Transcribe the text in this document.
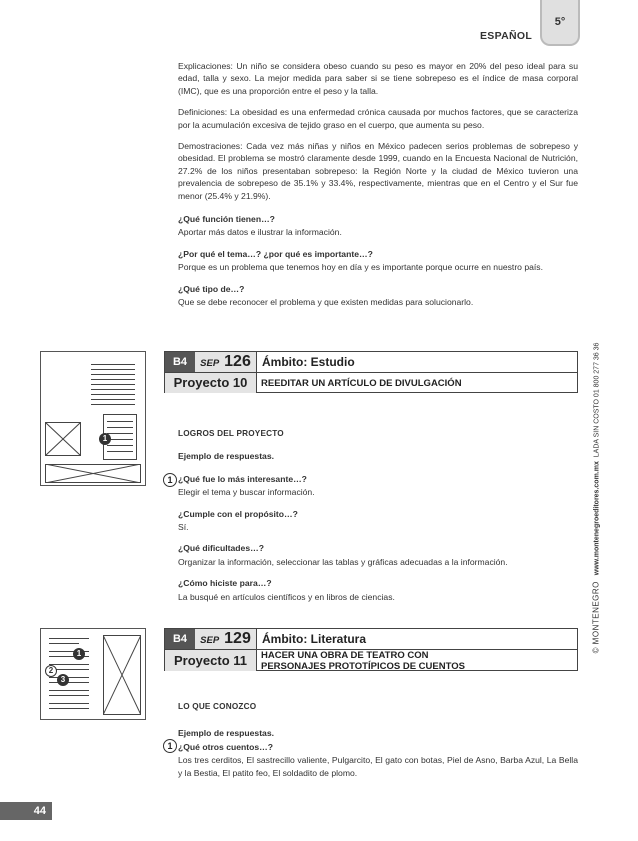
ESPAÑOL
5°

Explicaciones: Un niño se considera obeso cuando su peso es mayor en 20% del peso ideal para su edad, talla y sexo. La mejor medida para saber si se tiene sobrepeso es el índice de masa corporal (IMC), que es una proporción entre el peso y la talla.

Definiciones: La obesidad es una enfermedad crónica causada por muchos factores, que se caracteriza por la acumulación excesiva de tejido graso en el cuerpo, que aumenta su peso.

Demostraciones: Cada vez más niñas y niños en México padecen serios problemas de sobrepeso y obesidad. El problema se mostró claramente desde 1999, cuando en la Encuesta Nacional de Nutrición, 27.2% de los niños presentaban sobrepeso: la Región Norte y la ciudad de México tuvieron una prevalencia de sobrepeso de 35.1% y 33.4%, respectivamente, mientras que en el Centro y el Sur fue menor (25.4% y 21.9%).

¿Qué función tienen…?
Aportar más datos e ilustrar la información.
¿Por qué el tema…? ¿por qué es importante…?
Porque es un problema que tenemos hoy en día y es importante porque ocurre en nuestro país.
¿Qué tipo de…?
Que se debe reconocer el problema y que existen medidas para solucionarlo.
1
B4	SEP 126 Ámbito: Estudio
Proyecto 10	REEDITAR UN ARTÍCULO DE DIVULGACIÓN
LOGROS DEL PROYECTO
Ejemplo de respuestas.
¿Qué fue lo más interesante…?
Elegir el tema y buscar información.
¿Cumple con el propósito…?
Sí.
¿Qué dificultades…?
Organizar la información, seleccionar las tablas y gráficas adecuadas a la información.
¿Cómo hiciste para…?
La busqué en artículos científicos y en libros de ciencias.
1
1
2
3
B4	SEP 129 Ámbito: Literatura
Proyecto 11	HACER UNA OBRA DE TEATRO CON PERSONAJES PROTOTÍPICOS DE CUENTOS
LO QUE CONOZCO
Ejemplo de respuestas.
¿Qué otros cuentos…?
Los tres cerditos, El sastrecillo valiente, Pulgarcito, El gato con botas, Piel de Asno, Barba Azul, La Bella y la Bestia, El patito feo, El soldadito de plomo.
1
© MONTENEGRO   www.montenegroeditores.com.mx  LADA SIN COSTO 01 800 277 36 36
44
